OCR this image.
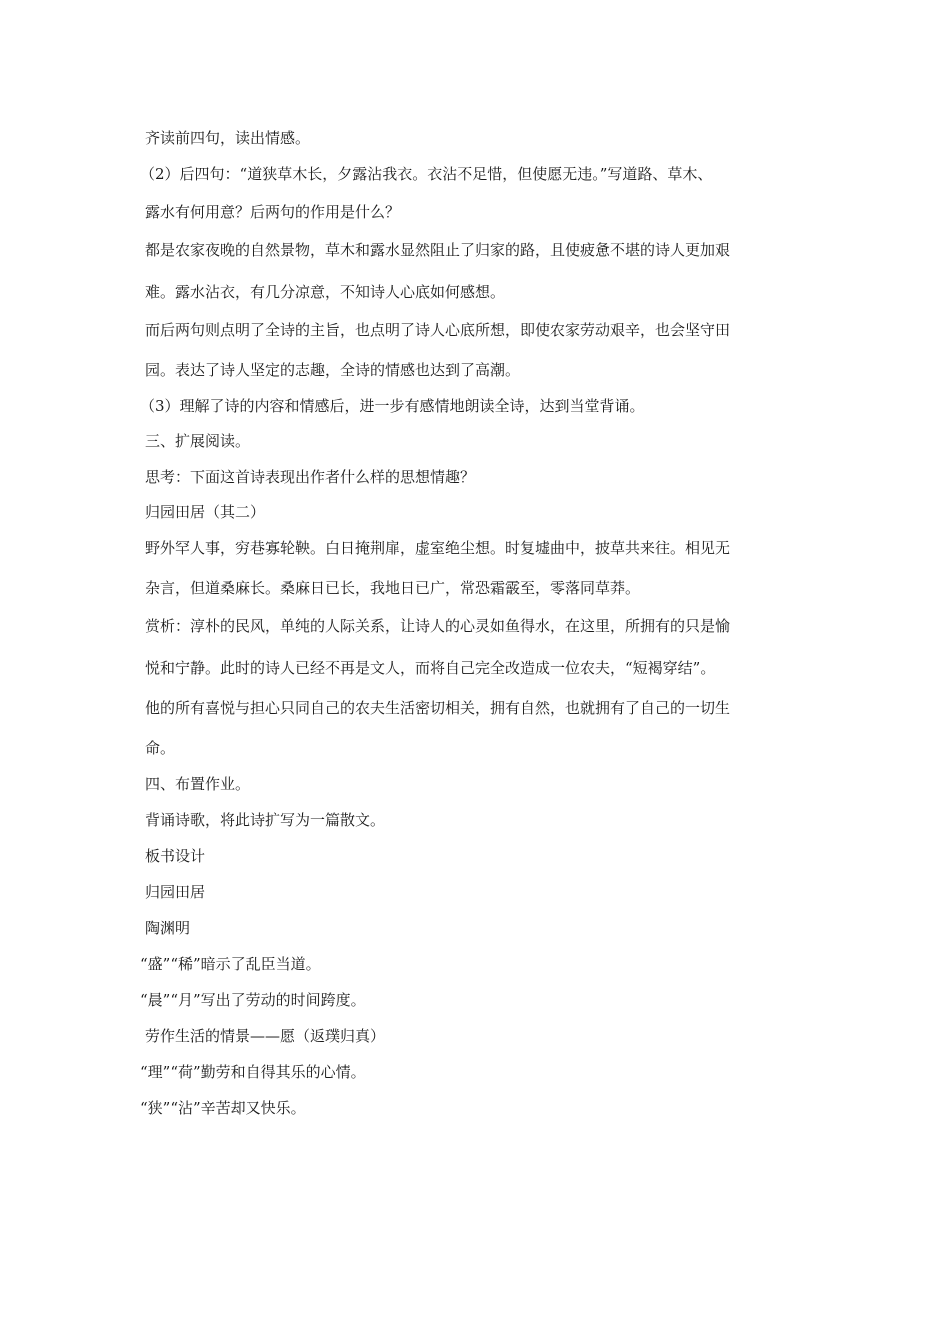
齐读前四句，读出情感。
（2）后四句：“道狭草木长，夕露沾我衣。衣沾不足惜，但使愿无违。”写道路、草木、
露水有何用意？后两句的作用是什么？
都是农家夜晚的自然景物，草木和露水显然阻止了归家的路，且使疲惫不堪的诗人更加艰
难。露水沾衣，有几分凉意，不知诗人心底如何感想。
而后两句则点明了全诗的主旨，也点明了诗人心底所想，即使农家劳动艰辛，也会坚守田
园。表达了诗人坚定的志趣，全诗的情感也达到了高潮。
（3）理解了诗的内容和情感后，进一步有感情地朗读全诗，达到当堂背诵。
三、扩展阅读。
思考：下面这首诗表现出作者什么样的思想情趣？
归园田居（其二）
野外罕人事，穷巷寡轮鞅。白日掩荆扉，虚室绝尘想。时复墟曲中，披草共来往。相见无
杂言，但道桑麻长。桑麻日已长，我地日已广，常恐霜霰至，零落同草莽。
赏析：淳朴的民风，单纯的人际关系，让诗人的心灵如鱼得水，在这里，所拥有的只是愉
悦和宁静。此时的诗人已经不再是文人，而将自己完全改造成一位农夫，“短褐穿结”。
他的所有喜悦与担心只同自己的农夫生活密切相关，拥有自然，也就拥有了自己的一切生
命。
四、布置作业。
背诵诗歌，将此诗扩写为一篇散文。
板书设计
归园田居
陶渊明
“盛”“稀”暗示了乱臣当道。
“晨”“月”写出了劳动的时间跨度。
劳作生活的情景——愿（返璞归真）
“理”“荷”勤劳和自得其乐的心情。
“狭”“沾”辛苦却又快乐。
